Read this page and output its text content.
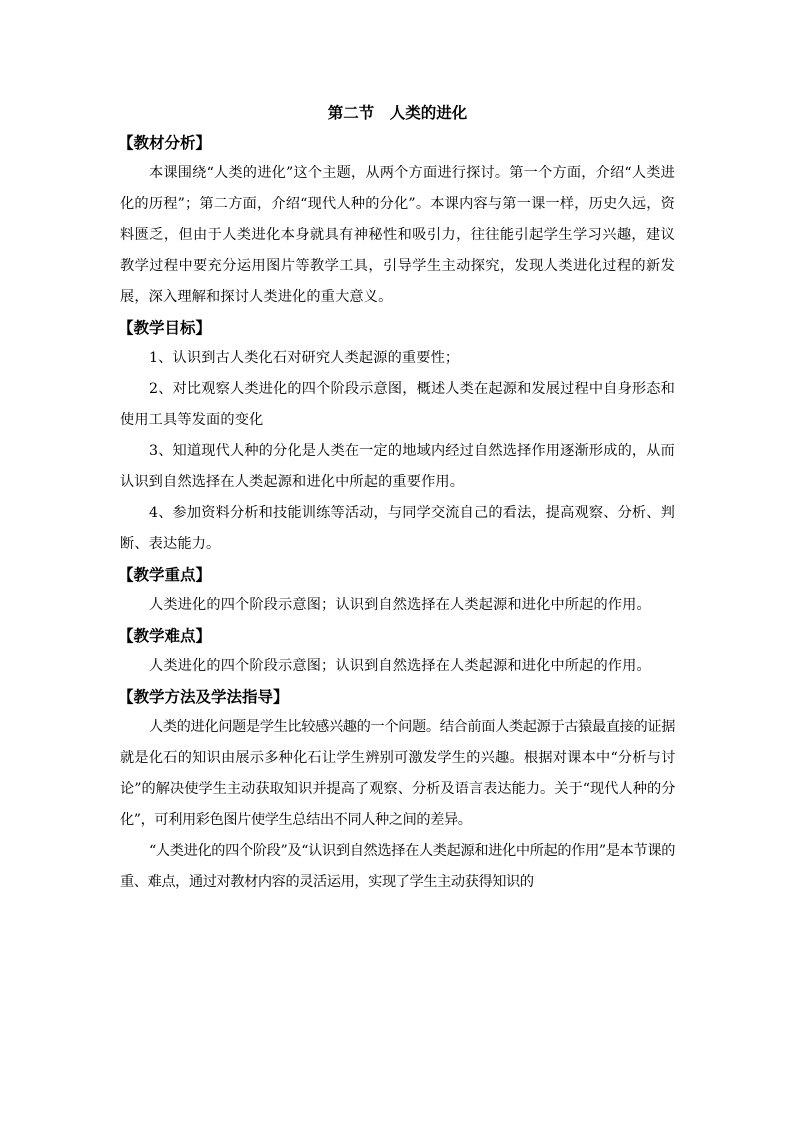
第二节　人类的进化

【教材分析】

本课围绕“人类的进化”这个主题，从两个方面进行探讨。第一个方面，介绍“人类进化的历程”；第二方面，介绍“现代人种的分化”。本课内容与第一课一样，历史久远，资料匮乏，但由于人类进化本身就具有神秘性和吸引力，往往能引起学生学习兴趣，建议教学过程中要充分运用图片等教学工具，引导学生主动探究，发现人类进化过程的新发展，深入理解和探讨人类进化的重大意义。

【教学目标】

1、认识到古人类化石对研究人类起源的重要性；

2、对比观察人类进化的四个阶段示意图，概述人类在起源和发展过程中自身形态和使用工具等发面的变化

3、知道现代人种的分化是人类在一定的地域内经过自然选择作用逐渐形成的，从而认识到自然选择在人类起源和进化中所起的重要作用。

4、参加资料分析和技能训练等活动，与同学交流自己的看法，提高观察、分析、判断、表达能力。

【教学重点】

人类进化的四个阶段示意图；认识到自然选择在人类起源和进化中所起的作用。

【教学难点】

人类进化的四个阶段示意图；认识到自然选择在人类起源和进化中所起的作用。

【教学方法及学法指导】

人类的进化问题是学生比较感兴趣的一个问题。结合前面人类起源于古猿最直接的证据就是化石的知识由展示多种化石让学生辨别可激发学生的兴趣。根据对课本中“分析与讨论”的解决使学生主动获取知识并提高了观察、分析及语言表达能力。关于“现代人种的分化”，可利用彩色图片使学生总结出不同人种之间的差异。

“人类进化的四个阶段”及“认识到自然选择在人类起源和进化中所起的作用”是本节课的重、难点，通过对教材内容的灵活运用，实现了学生主动获得知识的
